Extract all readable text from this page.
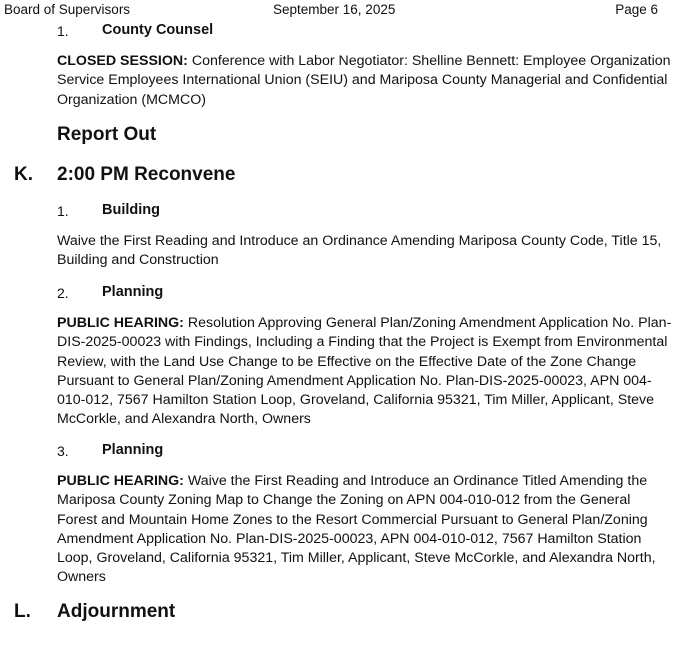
Board of Supervisors	September 16, 2025	Page 6
1. County Counsel
CLOSED SESSION: Conference with Labor Negotiator: Shelline Bennett: Employee Organization Service Employees International Union (SEIU) and Mariposa County Managerial and Confidential Organization (MCMCO)
Report Out
K. 2:00 PM Reconvene
1. Building
Waive the First Reading and Introduce an Ordinance Amending Mariposa County Code, Title 15, Building and Construction
2. Planning
PUBLIC HEARING: Resolution Approving General Plan/Zoning Amendment Application No. Plan-DIS-2025-00023 with Findings, Including a Finding that the Project is Exempt from Environmental Review, with the Land Use Change to be Effective on the Effective Date of the Zone Change Pursuant to General Plan/Zoning Amendment Application No. Plan-DIS-2025-00023, APN 004-010-012, 7567 Hamilton Station Loop, Groveland, California 95321, Tim Miller, Applicant, Steve McCorkle, and Alexandra North, Owners
3. Planning
PUBLIC HEARING: Waive the First Reading and Introduce an Ordinance Titled Amending the Mariposa County Zoning Map to Change the Zoning on APN 004-010-012 from the General Forest and Mountain Home Zones to the Resort Commercial Pursuant to General Plan/Zoning Amendment Application No. Plan-DIS-2025-00023, APN 004-010-012, 7567 Hamilton Station Loop, Groveland, California 95321, Tim Miller, Applicant, Steve McCorkle, and Alexandra North, Owners
L. Adjournment
